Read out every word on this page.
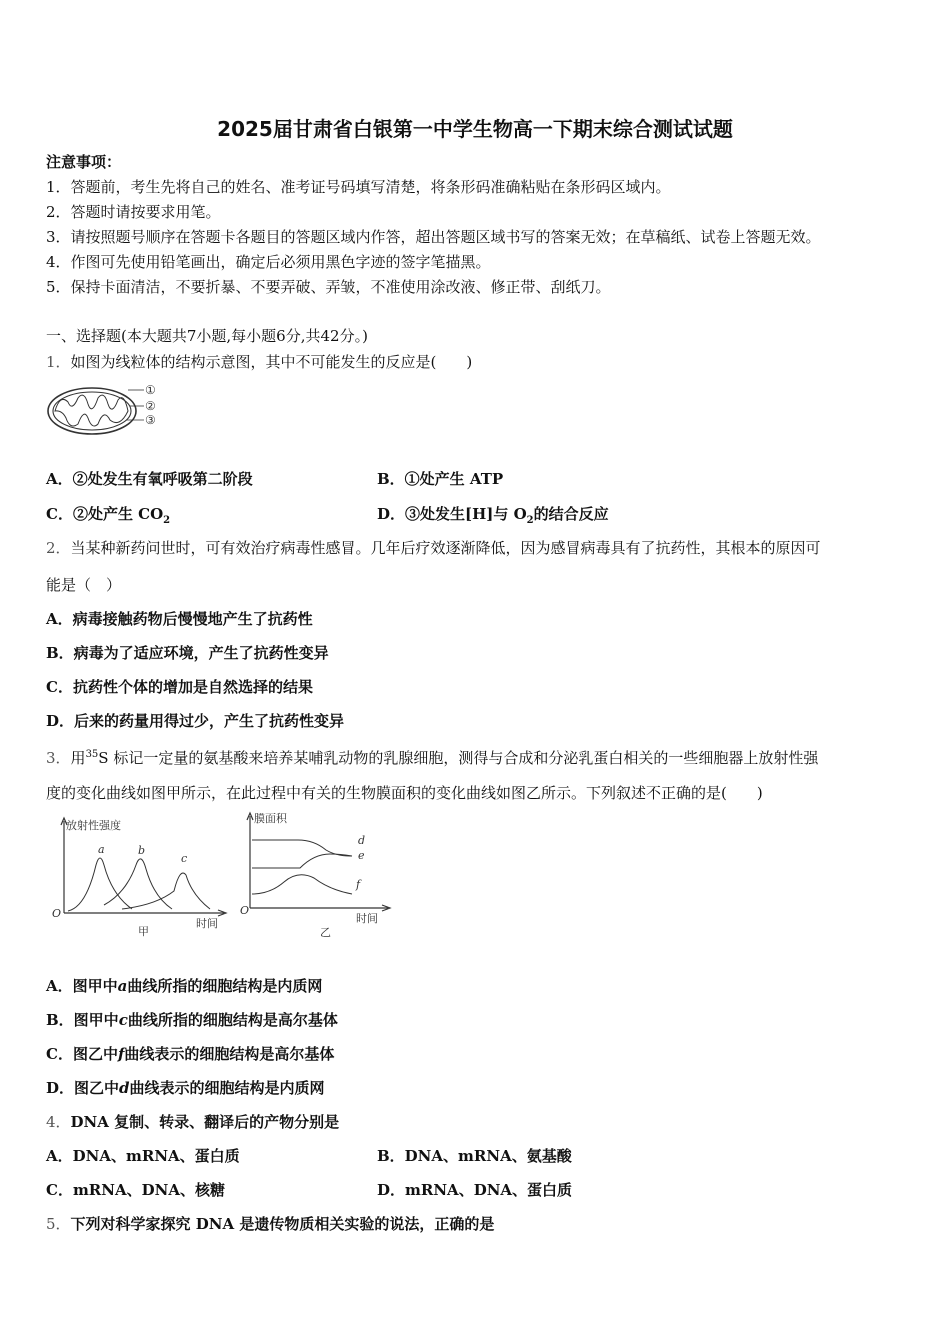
2025届甘肃省白银第一中学生物高一下期末综合测试试题
注意事项：
1．答题前，考生先将自己的姓名、准考证号码填写清楚，将条形码准确粘贴在条形码区域内。
2．答题时请按要求用笔。
3．请按照题号顺序在答题卡各题目的答题区域内作答，超出答题区域书写的答案无效；在草稿纸、试卷上答题无效。
4．作图可先使用铅笔画出，确定后必须用黑色字迹的签字笔描黑。
5．保持卡面清洁，不要折暴、不要弄破、弄皱，不准使用涂改液、修正带、刮纸刀。
一、选择题(本大题共7小题,每小题6分,共42分。)
1．如图为线粒体的结构示意图，其中不可能发生的反应是(　　)
①
②
③
A．②处发生有氧呼吸第二阶段	B．①处产生 ATP
C．②处产生 $CO_2$	D．③处发生[H]与 $O_2$的结合反应
2．当某种新药问世时，可有效治疗病毒性感冒。几年后疗效逐渐降低，因为感冒病毒具有了抗药性，其根本的原因可
能是（　）
A．病毒接触药物后慢慢地产生了抗药性
B．病毒为了适应环境，产生了抗药性变异
C．抗药性个体的增加是自然选择的结果
D．后来的药量用得过少，产生了抗药性变异
3．用$^{35}$S 标记一定量的氨基酸来培养某哺乳动物的乳腺细胞，测得与合成和分泌乳蛋白相关的一些细胞器上放射性强
度的变化曲线如图甲所示，在此过程中有关的生物膜面积的变化曲线如图乙所示。下列叙述不正确的是(　　)
放射性强度
a	b
c
O
时间
甲
膜面积
d
e
f
O
时间
乙
A．图甲中a曲线所指的细胞结构是内质网
B．图甲中c曲线所指的细胞结构是高尔基体
C．图乙中f曲线表示的细胞结构是高尔基体
D．图乙中d曲线表示的细胞结构是内质网
4．DNA 复制、转录、翻译后的产物分别是
A．DNA、mRNA、蛋白质	B．DNA、mRNA、氨基酸
C．mRNA、DNA、核糖	D．mRNA、DNA、蛋白质
5．下列对科学家探究 DNA 是遗传物质相关实验的说法，正确的是
